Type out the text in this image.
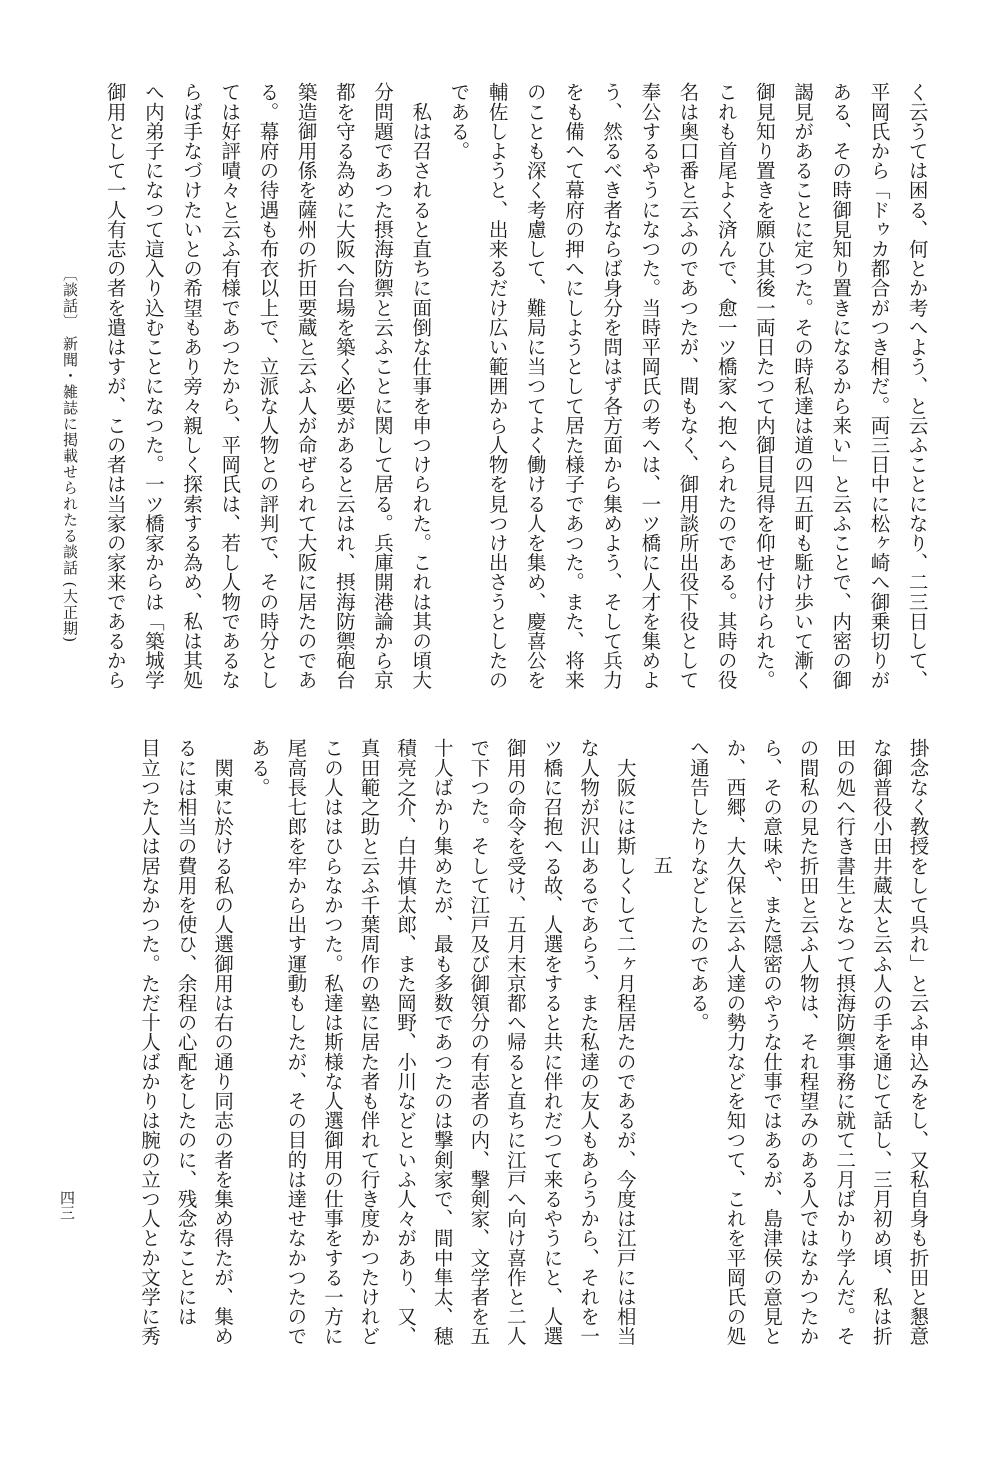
く云うては困る、何とか考へよう、と云ふことになり、二三日して、
平岡氏から「ドゥカ都合がつき相だ。両三日中に松ヶ崎へ御乗切りが
ある、その時御見知り置きになるから来い」と云ふことで、内密の御
謁見があることに定つた。その時私達は道の四五町も駈け歩いて漸く
御見知り置きを願ひ其後一両日たつて内御目見得を仰せ付けられた。
これも首尾よく済んで、愈一ツ橋家へ抱へられたのである。其時の役
名は奥口番と云ふのであつたが、間もなく、御用談所出役下役として
奉公するやうになつた。当時平岡氏の考へは、一ツ橋に人才を集めよ
う、然るべき者ならば身分を問はず各方面から集めよう、そして兵力
をも備へて幕府の押へにしようとして居た様子であつた。また、将来
のことも深く考慮して、難局に当つてよく働ける人を集め、慶喜公を
輔佐しようと、出来るだけ広い範囲から人物を見つけ出さうとしたの
である。
　私は召されると直ちに面倒な仕事を申つけられた。これは其の頃大
分問題であつた摂海防禦と云ふことに関して居る。兵庫開港論から京
都を守る為めに大阪へ台場を築く必要があると云はれ、摂海防禦砲台
築造御用係を薩州の折田要蔵と云ふ人が命ぜられて大阪に居たのであ
る。幕府の待遇も布衣以上で、立派な人物との評判で、その時分とし
ては好評嘖々と云ふ有様であつたから、平岡氏は、若し人物であるな
らば手なづけたいとの希望もあり旁々親しく探索する為め、私は其処
へ内弟子になつて這入り込むことになつた。一ツ橋家からは「築城学
御用として一人有志の者を遣はすが、この者は当家の家来であるから
〔談話〕 新聞・雑誌に掲載せられたる談話 (大正期)
掛念なく教授をして呉れ」と云ふ申込みをし、又私自身も折田と懇意
な御普役小田井蔵太と云ふ人の手を通じて話し、三月初め頃、私は折
田の処へ行き書生となつて摂海防禦事務に就て二月ばかり学んだ。そ
の間私の見た折田と云ふ人物は、それ程望みのある人ではなかつたか
ら、その意味や、また隠密のやうな仕事ではあるが、島津侯の意見と
か、西郷、大久保と云ふ人達の勢力などを知つて、これを平岡氏の処
へ通告したりなどしたのである。
五
　大阪には斯しくして二ヶ月程居たのであるが、今度は江戸には相当
な人物が沢山あるであらう、また私達の友人もあらうから、それを一
ツ橋に召抱へる故、人選をすると共に伴れだつて来るやうにと、人選
御用の命令を受け、五月末京都へ帰ると直ちに江戸へ向け喜作と二人
で下つた。そして江戸及び御領分の有志者の内、撃剣家、文学者を五
十人ばかり集めたが、最も多数であつたのは撃剣家で、間中隼太、穂
積亮之介、白井慎太郎、また岡野、小川などといふ人々があり、又、
真田範之助と云ふ千葉周作の塾に居た者も伴れて行き度かつたけれど
この人ははひらなかつた。私達は斯様な人選御用の仕事をする一方に
尾高長七郎を牢から出す運動もしたが、その目的は達せなかつたので
ある。
　関東に於ける私の人選御用は右の通り同志の者を集め得たが、集め
るには相当の費用を使ひ、余程の心配をしたのに、残念なことには
目立つた人は居なかつた。ただ十人ばかりは腕の立つ人とか文学に秀
四三
